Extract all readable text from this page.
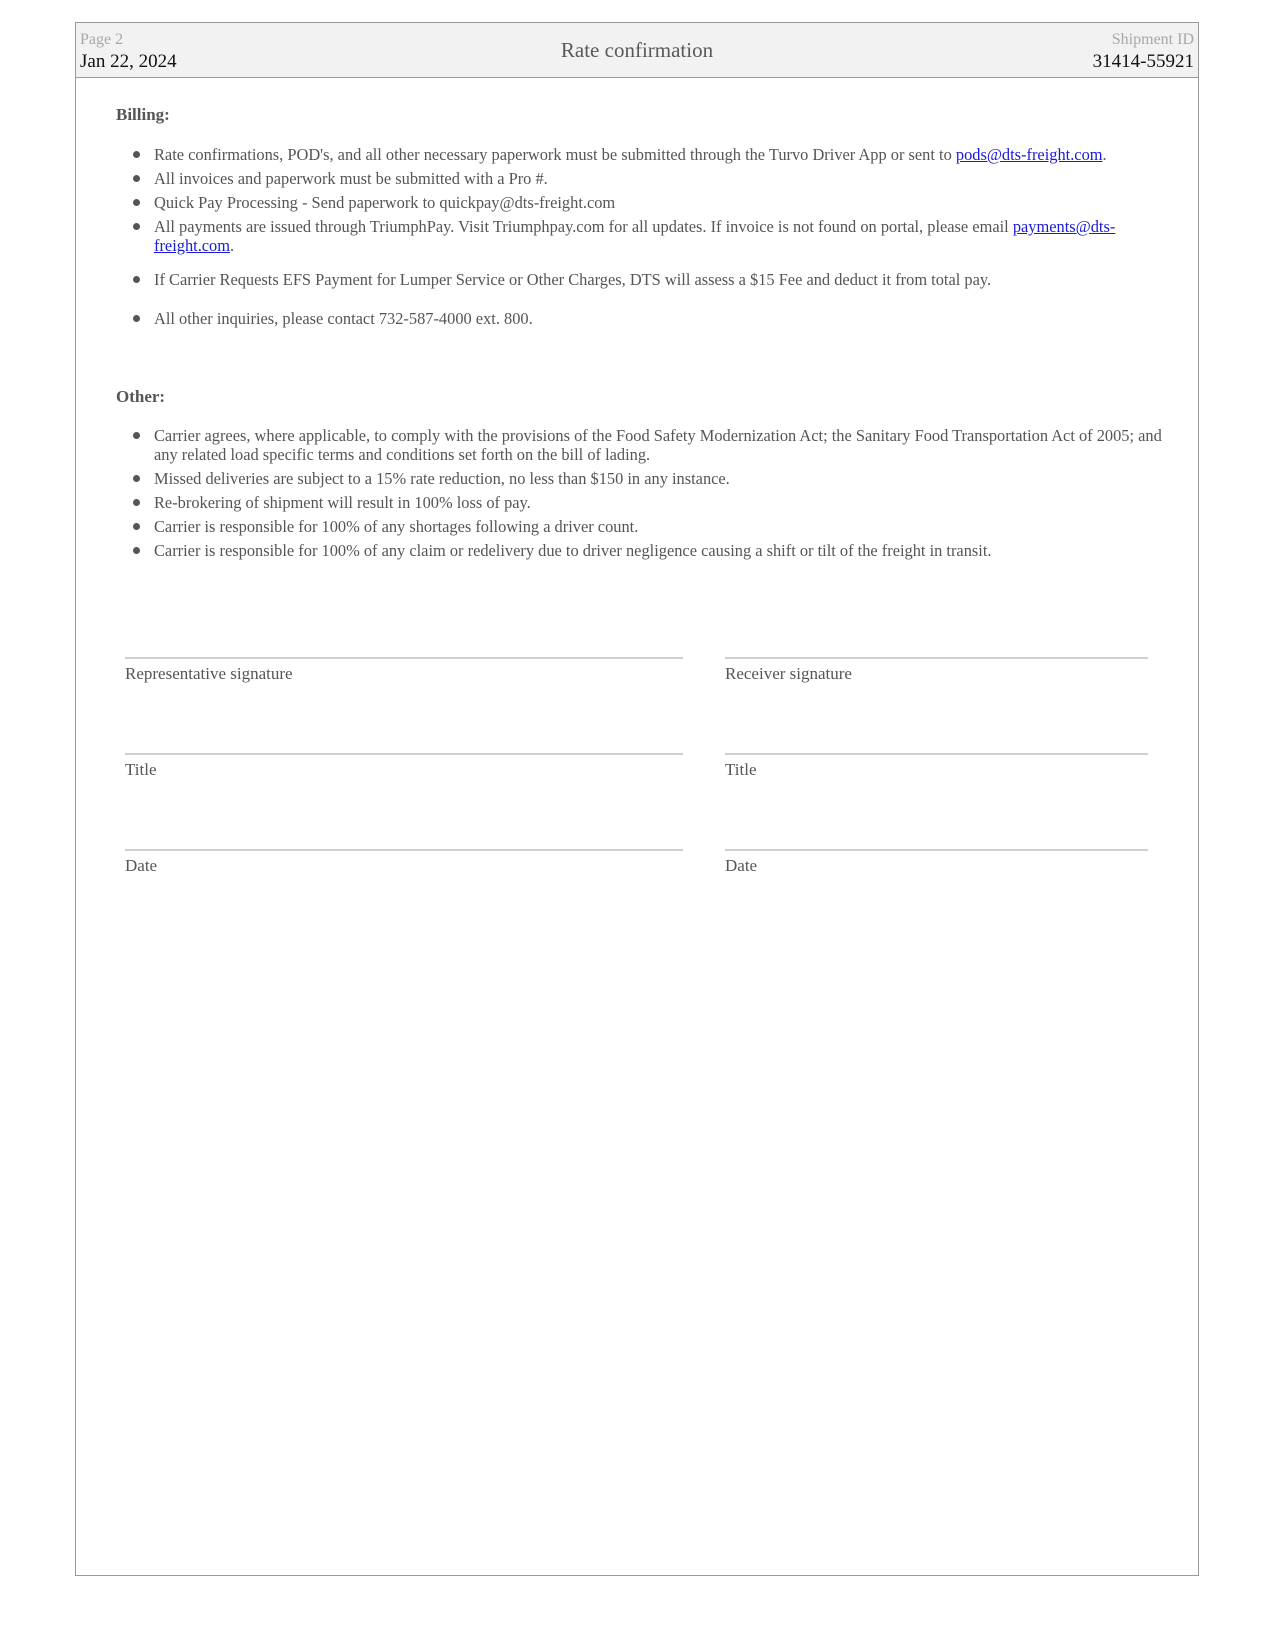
Page 2
Jan 22, 2024	Rate confirmation	Shipment ID
31414-55921
Billing:
Rate confirmations, POD's, and all other necessary paperwork must be submitted through the Turvo Driver App or sent to pods@dts-freight.com.
All invoices and paperwork must be submitted with a Pro #.
Quick Pay Processing - Send paperwork to quickpay@dts-freight.com
All payments are issued through TriumphPay. Visit Triumphpay.com for all updates. If invoice is not found on portal, please email payments@dts-freight.com.
If Carrier Requests EFS Payment for Lumper Service or Other Charges, DTS will assess a $15 Fee and deduct it from total pay.
All other inquiries, please contact 732-587-4000 ext. 800.
Other:
Carrier agrees, where applicable, to comply with the provisions of the Food Safety Modernization Act; the Sanitary Food Transportation Act of 2005; and any related load specific terms and conditions set forth on the bill of lading.
Missed deliveries are subject to a 15% rate reduction, no less than $150 in any instance.
Re-brokering of shipment will result in 100% loss of pay.
Carrier is responsible for 100% of any shortages following a driver count.
Carrier is responsible for 100% of any claim or redelivery due to driver negligence causing a shift or tilt of the freight in transit.
Representative signature
Title
Date
Receiver signature
Title
Date
